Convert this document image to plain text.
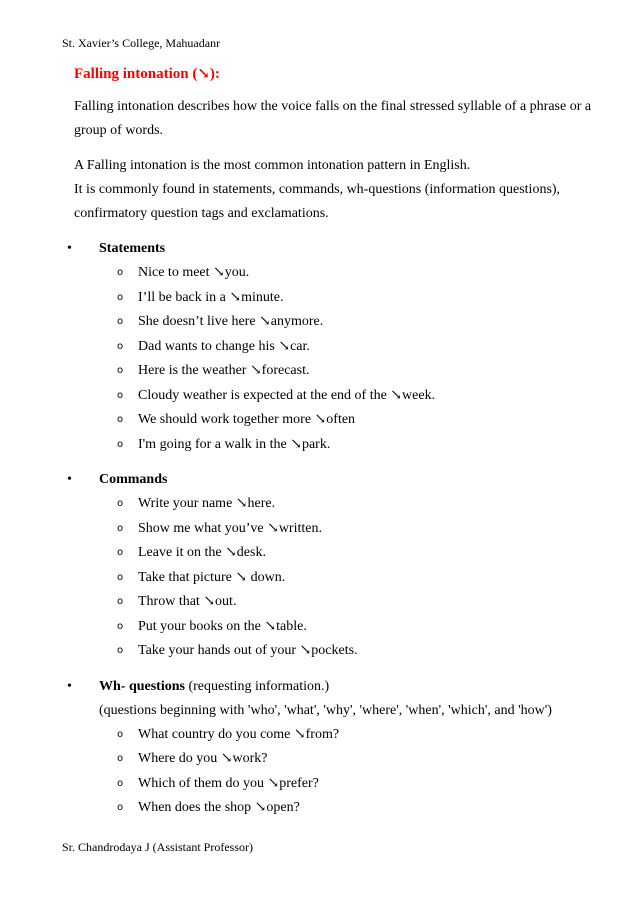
St. Xavier’s College, Mahuadanr
Falling intonation (↘):
Falling intonation describes how the voice falls on the final stressed syllable of a phrase or a group of words.
A Falling intonation is the most common intonation pattern in English.
It is commonly found in statements, commands, wh-questions (information questions), confirmatory question tags and exclamations.
• Statements
o Nice to meet ↘you.
o I’ll be back in a ↘minute.
o She doesn’t live here ↘anymore.
o Dad wants to change his ↘car.
o Here is the weather ↘forecast.
o Cloudy weather is expected at the end of the ↘week.
o We should work together more ↘often
o I'm going for a walk in the ↘park.
• Commands
o Write your name ↘here.
o Show me what you’ve ↘written.
o Leave it on the ↘desk.
o Take that picture ↘ down.
o Throw that ↘out.
o Put your books on the ↘table.
o Take your hands out of your ↘pockets.
• Wh- questions (requesting information.)
(questions beginning with 'who', 'what', 'why', 'where', 'when', 'which', and 'how')
o What country do you come ↘from?
o Where do you ↘work?
o Which of them do you ↘prefer?
o When does the shop ↘open?
Sr. Chandrodaya J (Assistant Professor)
